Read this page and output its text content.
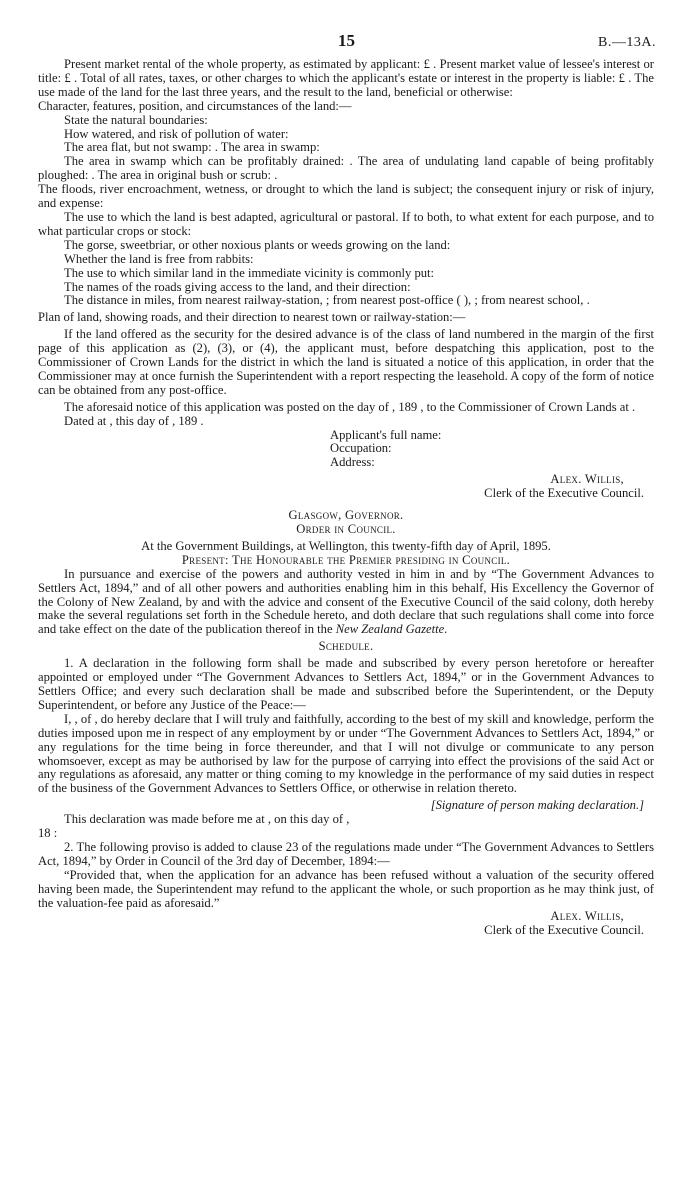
15	B.—13A.

Present market rental of the whole property, as estimated by applicant: £ . Present market value of lessee's interest or title: £ . Total of all rates, taxes, or other charges to which the applicant's estate or interest in the property is liable: £ . The use made of the land for the last three years, and the result to the land, beneficial or otherwise:

Character, features, position, and circumstances of the land:—

State the natural boundaries:

How watered, and risk of pollution of water:

The area flat, but not swamp: . The area in swamp:

The area in swamp which can be profitably drained: . The area of undulating land capable of being profitably ploughed: . The area in original bush or scrub: .

The floods, river encroachment, wetness, or drought to which the land is subject; the consequent injury or risk of injury, and expense:

The use to which the land is best adapted, agricultural or pastoral. If to both, to what extent for each purpose, and to what particular crops or stock:

The gorse, sweetbriar, or other noxious plants or weeds growing on the land:

Whether the land is free from rabbits:

The use to which similar land in the immediate vicinity is commonly put:

The names of the roads giving access to the land, and their direction:

The distance in miles, from nearest railway-station, ; from nearest post-office ( ), ; from nearest school, .

Plan of land, showing roads, and their direction to nearest town or railway-station:—

If the land offered as the security for the desired advance is of the class of land numbered in the margin of the first page of this application as (2), (3), or (4), the applicant must, before despatching this application, post to the Commissioner of Crown Lands for the district in which the land is situated a notice of this application, in order that the Commissioner may at once furnish the Superintendent with a report respecting the leasehold. A copy of the form of notice can be obtained from any post-office.

The aforesaid notice of this application was posted on the day of , 189 , to the Commissioner of Crown Lands at .

Dated at , this day of , 189 .

Applicant's full name:

Occupation:

Address:

Alex. Willis,

Clerk of the Executive Council.

Glasgow, Governor.

Order in Council.

At the Government Buildings, at Wellington, this twenty-fifth day of April, 1895.

Present: The Honourable the Premier presiding in Council.

In pursuance and exercise of the powers and authority vested in him in and by “The Government Advances to Settlers Act, 1894,” and of all other powers and authorities enabling him in this behalf, His Excellency the Governor of the Colony of New Zealand, by and with the advice and consent of the Executive Council of the said colony, doth hereby make the several regulations set forth in the Schedule hereto, and doth declare that such regulations shall come into force and take effect on the date of the publication thereof in the New Zealand Gazette.

Schedule.

1. A declaration in the following form shall be made and subscribed by every person heretofore or hereafter appointed or employed under “The Government Advances to Settlers Act, 1894,” or in the Government Advances to Settlers Office; and every such declaration shall be made and subscribed before the Superintendent, or the Deputy Superintendent, or before any Justice of the Peace:—

I, , of , do hereby declare that I will truly and faithfully, according to the best of my skill and knowledge, perform the duties imposed upon me in respect of any employment by or under “The Government Advances to Settlers Act, 1894,” or any regulations for the time being in force thereunder, and that I will not divulge or communicate to any person whomsoever, except as may be authorised by law for the purpose of carrying into effect the provisions of the said Act or any regulations as aforesaid, any matter or thing coming to my knowledge in the performance of my said duties in respect of the business of the Government Advances to Settlers Office, or otherwise in relation thereto.

[Signature of person making declaration.]

This declaration was made before me at , on this day of ,

18 :

2. The following proviso is added to clause 23 of the regulations made under “The Government Advances to Settlers Act, 1894,” by Order in Council of the 3rd day of December, 1894:—

“Provided that, when the application for an advance has been refused without a valuation of the security offered having been made, the Superintendent may refund to the applicant the whole, or such proportion as he may think just, of the valuation-fee paid as aforesaid.”

Alex. Willis,

Clerk of the Executive Council.
